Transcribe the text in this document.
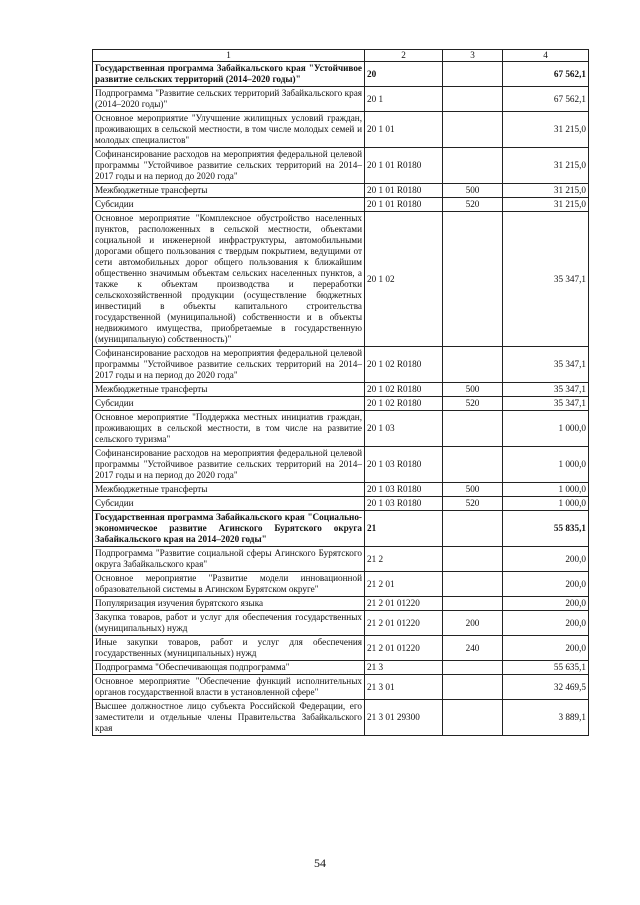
1	2	3	4
Государственная программа Забайкальского края "Устойчивое развитие сельских территорий (2014–2020 годы)"	20		67 562,1
Подпрограмма "Развитие сельских территорий Забайкальского края (2014–2020 годы)"	20 1		67 562,1
Основное мероприятие "Улучшение жилищных условий граждан, проживающих в сельской местности, в том числе молодых семей и молодых специалистов"	20 1 01		31 215,0
Софинансирование расходов на мероприятия федеральной целевой программы "Устойчивое развитие сельских территорий на 2014–2017 годы и на период до 2020 года"	20 1 01 R0180		31 215,0
Межбюджетные трансферты	20 1 01 R0180	500	31 215,0
Субсидии	20 1 01 R0180	520	31 215,0
Основное мероприятие "Комплексное обустройство населенных пунктов, расположенных в сельской местности, объектами социальной и инженерной инфраструктуры, автомобильными дорогами общего пользования с твердым покрытием, ведущими от сети автомобильных дорог общего пользования к ближайшим общественно значимым объектам сельских населенных пунктов, а также к объектам производства и переработки сельскохозяйственной продукции (осуществление бюджетных инвестиций в объекты капитального строительства государственной (муниципальной) собственности и в объекты недвижимого имущества, приобретаемые в государственную (муниципальную) собственность)"	20 1 02		35 347,1
Софинансирование расходов на мероприятия федеральной целевой программы "Устойчивое развитие сельских территорий на 2014–2017 годы и на период до 2020 года"	20 1 02 R0180		35 347,1
Межбюджетные трансферты	20 1 02 R0180	500	35 347,1
Субсидии	20 1 02 R0180	520	35 347,1
Основное мероприятие "Поддержка местных инициатив граждан, проживающих в сельской местности, в том числе на развитие сельского туризма"	20 1 03		1 000,0
Софинансирование расходов на мероприятия федеральной целевой программы "Устойчивое развитие сельских территорий на 2014–2017 годы и на период до 2020 года"	20 1 03 R0180		1 000,0
Межбюджетные трансферты	20 1 03 R0180	500	1 000,0
Субсидии	20 1 03 R0180	520	1 000,0
Государственная программа Забайкальского края "Социально-экономическое развитие Агинского Бурятского округа Забайкальского края на 2014–2020 годы"	21		55 835,1
Подпрограмма "Развитие социальной сферы Агинского Бурятского округа Забайкальского края"	21 2		200,0
Основное мероприятие "Развитие модели инновационной образовательной системы в Агинском Бурятском округе"	21 2 01		200,0
Популяризация изучения бурятского языка	21 2 01 01220		200,0
Закупка товаров, работ и услуг для обеспечения государственных (муниципальных) нужд	21 2 01 01220	200	200,0
Иные закупки товаров, работ и услуг для обеспечения государственных (муниципальных) нужд	21 2 01 01220	240	200,0
Подпрограмма "Обеспечивающая подпрограмма"	21 3		55 635,1
Основное мероприятие "Обеспечение функций исполнительных органов государственной власти в установленной сфере"	21 3 01		32 469,5
Высшее должностное лицо субъекта Российской Федерации, его заместители и отдельные члены Правительства Забайкальского края	21 3 01 29300		3 889,1
54
